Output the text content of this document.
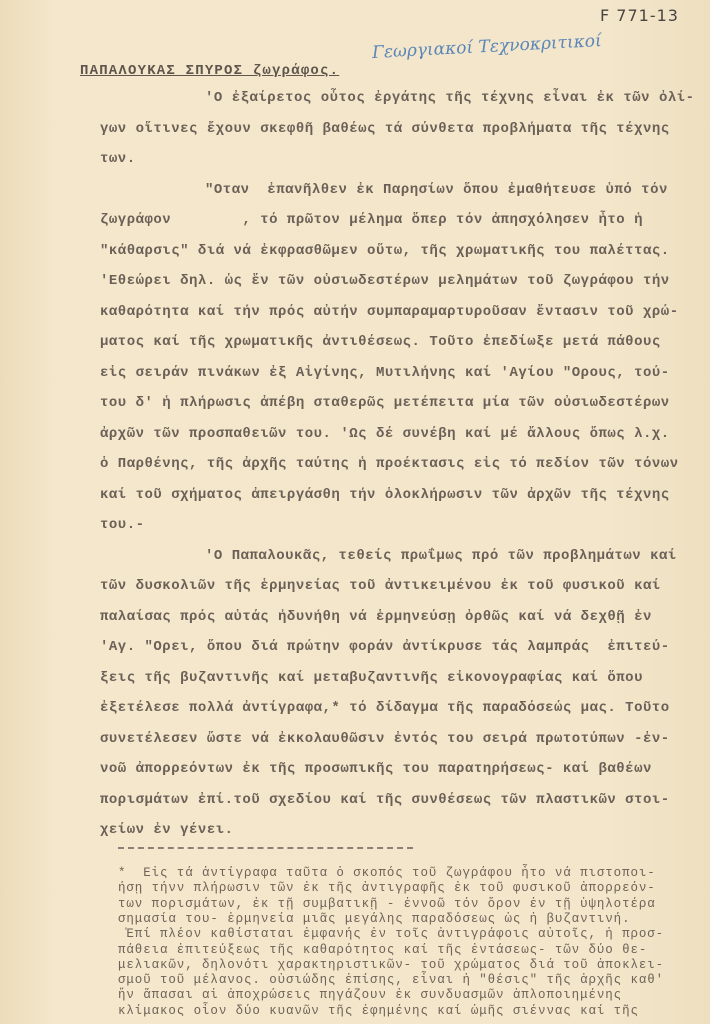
F 771-13
Γεωργιακοί Τεχνοκριτικοί
ΠΑΠΑΛΟΥΚΑΣ ΣΠΥΡΟΣ ζωγράφος.
'Ο ἐξαίρετος οὗτος ἐργάτης τῆς τέχνης εἶναι ἐκ τῶν ὀλί-
γων οἵτινες ἔχουν σκεφθῆ βαθέως τά σύνθετα προβλήματα τῆς τέχνης
των.
"Οταν  ἐπανῆλθεν ἐκ Παρησίων ὅπου ἐμαθήτευσε ὑπό τόν
ζωγράφον        , τό πρῶτον μέλημα ὅπερ τόν ἀπησχόλησεν ἦτο ἡ
"κάθαρσις" διά νά ἐκφρασθῶμεν οὕτω, τῆς χρωματικῆς του παλέττας.
'Εθεώρει δηλ. ὡς ἕν τῶν οὐσιωδεστέρων μελημάτων τοῦ ζωγράφου τήν
καθαρότητα καί τήν πρός αὐτήν συμπαραμαρτυροῦσαν ἔντασιν τοῦ χρώ-
ματος καί τῆς χρωματικῆς ἀντιθέσεως. Τοῦτο ἐπεδίωξε μετά πάθους
εἰς σειράν πινάκων ἐξ Αἰγίνης, Μυτιλήνης καί 'Αγίου "Ορους, τού-
του δ' ἡ πλήρωσις ἀπέβη σταθερῶς μετέπειτα μία τῶν οὐσιωδεστέρων
ἀρχῶν τῶν προσπαθειῶν του. 'Ως δέ συνέβη καί μέ ἄλλους ὅπως λ.χ.
ὁ Παρθένης, τῆς ἀρχῆς ταύτης ἡ προέκτασις εἰς τό πεδίον τῶν τόνων
καί τοῦ σχήματος ἀπειργάσθη τήν ὁλοκλήρωσιν τῶν ἀρχῶν τῆς τέχνης
του.-
'Ο Παπαλουκᾶς, τεθείς πρωΐμως πρό τῶν προβλημάτων καί
τῶν δυσκολιῶν τῆς ἑρμηνείας τοῦ ἀντικειμένου ἐκ τοῦ φυσικοῦ καί
παλαίσας πρός αὐτάς ἠδυνήθη νά ἑρμηνεύσῃ ὀρθῶς καί νά δεχθῇ ἐν
'Αγ. "Ορει, ὅπου διά πρώτην φοράν ἀντίκρυσε τάς λαμπράς  ἐπιτεύ-
ξεις τῆς βυζαντινῆς καί μεταβυζαντινῆς εἰκονογραφίας καί ὅπου
ἐξετέλεσε πολλά ἀντίγραφα,* τό δίδαγμα τῆς παραδόσεώς μας. Τοῦτο
συνετέλεσεν ὥστε νά ἐκκολαυθῶσιν ἐντός του σειρά πρωτοτύπων -ἐν-
νοῶ ἀπορρεόντων ἐκ τῆς προσωπικῆς του παρατηρήσεως- καί βαθέων
πορισμάτων ἐπί.τοῦ σχεδίου καί τῆς συνθέσεως τῶν πλαστικῶν στοι-
χείων ἐν γένει.
*  Εἰς τά ἀντίγραφα ταῦτα ὁ σκοπός τοῦ ζωγράφου ἦτο νά πιστοποι-
ήσῃ τήνν πλήρωσιν τῶν ἐκ τῆς ἀντιγραφῆς ἐκ τοῦ φυσικοῦ ἀπορρεόν-
των πορισμάτων, ἐκ τῇ συμβατικῇ - ἐννοῶ τόν ὅρον ἐν τῇ ὑψηλοτέρα
σημασία του- ἑρμηνεία μιᾶς μεγάλης παραδόσεως ὡς ἡ βυζαντινή.
Ἐπί πλέον καθίσταται ἐμφανής ἐν τοῖς ἀντιγράφοις αὐτοῖς, ἡ προσ-
πάθεια ἐπιτεύξεως τῆς καθαρότητος καί τῆς ἐντάσεως- τῶν δύο θε-
μελιακῶν, δηλονότι χαρακτηριστικῶν- τοῦ χρώματος διά τοῦ ἀποκλει-
σμοῦ τοῦ μέλανος. οὐσιώδης ἐπίσης, εἶναι ἡ "θέσις" τῆς ἀρχῆς καθ'
ἥν ἅπασαι αἱ ἀποχρώσεις πηγάζουν ἐκ συνδυασμῶν ἁπλοποιημένης
κλίμακος οἷον δύο κυανῶν τῆς ἐφημένης καί ὠμῆς σιέννας καί τῆς
